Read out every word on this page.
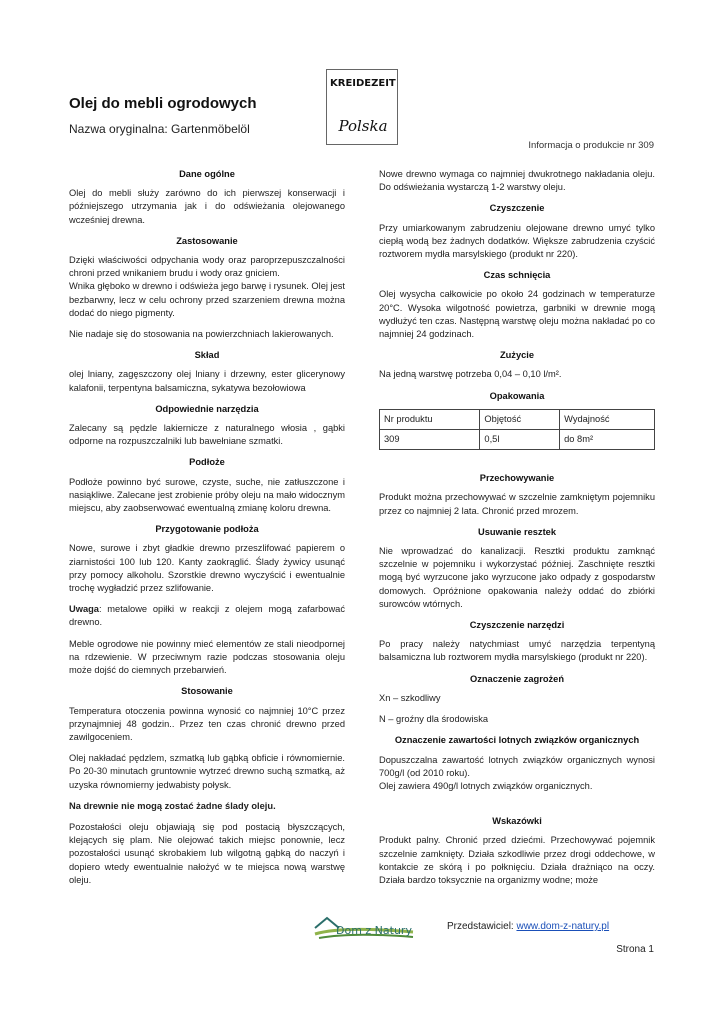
Olej do mebli ogrodowych
Nazwa oryginalna: Gartenmöbelöl
KREIDEZEIT
Polska
Informacja o produkcie nr 309
Dane ogólne

Olej do mebli służy zarówno do ich pierwszej konserwacji i późniejszego utrzymania jak i do odświeżania olejowanego wcześniej drewna.

Zastosowanie

Dzięki właściwości odpychania wody oraz paroprzepuszczalności chroni przed wnikaniem brudu i wody oraz gniciem.

Wnika głęboko w drewno i odświeża jego barwę i rysunek. Olej jest bezbarwny, lecz w celu ochrony przed szarzeniem drewna można dodać do niego pigmenty.

Nie nadaje się do stosowania na powierzchniach lakierowanych.

Skład

olej lniany, zagęszczony olej lniany i drzewny, ester glicerynowy kalafonii, terpentyna balsamiczna, sykatywa bezołowiowa

Odpowiednie narzędzia

Zalecany są pędzle lakiernicze z naturalnego włosia , gąbki odporne na rozpuszczalniki lub bawełniane szmatki.

Podłoże

Podłoże powinno być surowe, czyste, suche, nie zatłuszczone i nasiąkliwe. Zalecane jest zrobienie próby oleju na mało widocznym miejscu, aby zaobserwować ewentualną zmianę koloru drewna.

Przygotowanie podłoża

Nowe, surowe i zbyt gładkie drewno przeszlifować papierem o ziarnistości 100 lub 120. Kanty zaokrąglić. Ślady żywicy usunąć przy pomocy alkoholu. Szorstkie drewno wyczyścić i ewentualnie trochę wygładzić przez szlifowanie.

Uwaga: metalowe opiłki w reakcji z olejem mogą zafarbować drewno.

Meble ogrodowe nie powinny mieć elementów ze stali nieodpornej na rdzewienie. W przeciwnym razie podczas stosowania oleju może dojść do ciemnych przebarwień.

Stosowanie

Temperatura otoczenia powinna wynosić co najmniej 10°C przez przynajmniej 48 godzin.. Przez ten czas chronić drewno przed zawilgoceniem.

Olej nakładać pędzlem, szmatką lub gąbką obficie i równomiernie. Po 20-30 minutach gruntownie wytrzeć drewno suchą szmatką, aż uzyska równomierny jedwabisty połysk.

Na drewnie nie mogą zostać żadne ślady oleju.

Pozostałości oleju objawiają się pod postacią błyszczących, klejących się plam. Nie olejować takich miejsc ponownie, lecz pozostałości usunąć skrobakiem lub wilgotną gąbką do naczyń i dopiero wtedy ewentualnie nałożyć w te miejsca nową warstwę oleju.

Nowe drewno wymaga co najmniej dwukrotnego nakładania oleju. Do odświeżania wystarczą 1-2 warstwy oleju.

Czyszczenie

Przy umiarkowanym zabrudzeniu olejowane drewno umyć tylko ciepłą wodą bez żadnych dodatków. Większe zabrudzenia czyścić roztworem mydła marsylskiego (produkt nr 220).

Czas schnięcia

Olej wysycha całkowicie po około 24 godzinach w temperaturze 20°C. Wysoka wilgotność powietrza, garbniki w drewnie mogą wydłużyć ten czas. Następną warstwę oleju można nakładać po co najmniej 24 godzinach.

Zużycie

Na jedną warstwę potrzeba 0,04 – 0,10 l/m².

Opakowania
Nr produktu	Objętość	Wydajność
309	0,5l	do 8m²
Przechowywanie

Produkt można przechowywać w szczelnie zamkniętym pojemniku przez co najmniej 2 lata. Chronić przed mrozem.

Usuwanie resztek

Nie wprowadzać do kanalizacji. Resztki produktu zamknąć szczelnie w pojemniku i wykorzystać później. Zaschnięte resztki mogą być wyrzucone jako wyrzucone jako odpady z gospodarstw domowych. Opróżnione opakowania należy oddać do zbiórki surowców wtórnych.

Czyszczenie narzędzi

Po pracy należy natychmiast umyć narzędzia terpentyną balsamiczna lub roztworem mydła marsylskiego (produkt nr 220).

Oznaczenie zagrożeń

Xn – szkodliwy

N – groźny dla środowiska

Oznaczenie zawartości lotnych związków organicznych

Dopuszczalna zawartość lotnych związków organicznych wynosi 700g/l (od 2010 roku).

Olej zawiera 490g/l lotnych związków organicznych.

Wskazówki

Produkt palny. Chronić przed dziećmi. Przechowywać pojemnik szczelnie zamknięty. Działa szkodliwie przez drogi oddechowe, w kontakcie ze skórą i po połknięciu. Działa drażniąco na oczy. Działa bardzo toksycznie na organizmy wodne; może

Dom z Natury	Przedstawiciel: www.dom-z-natury.pl
Strona 1
